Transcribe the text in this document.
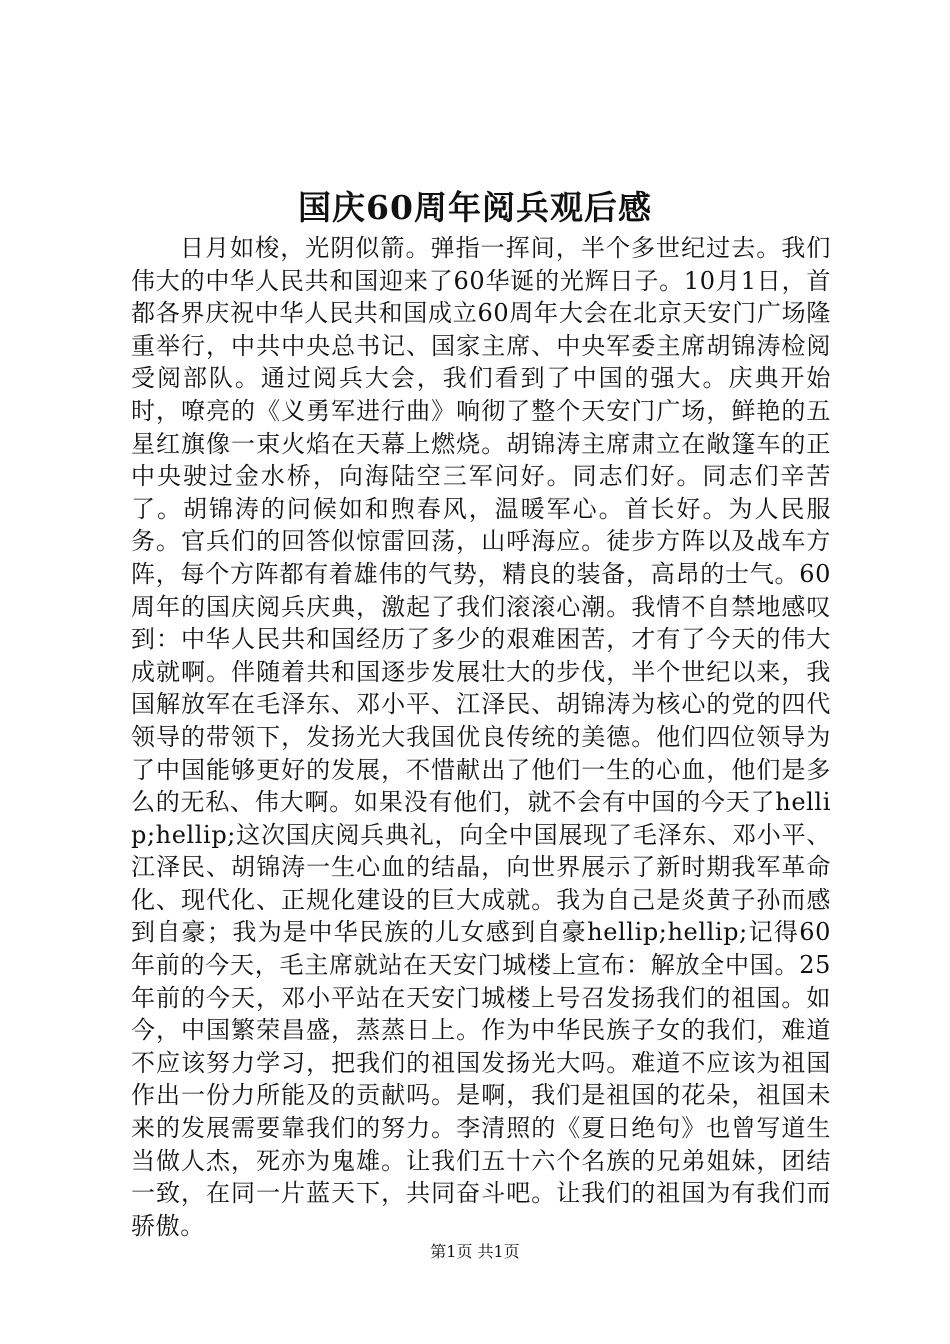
国庆60周年阅兵观后感

日月如梭，光阴似箭。弹指一挥间，半个多世纪过去。我们伟大的中华人民共和国迎来了60华诞的光辉日子。10月1日，首都各界庆祝中华人民共和国成立60周年大会在北京天安门广场隆重举行，中共中央总书记、国家主席、中央军委主席胡锦涛检阅受阅部队。通过阅兵大会，我们看到了中国的强大。庆典开始时，嘹亮的《义勇军进行曲》响彻了整个天安门广场，鲜艳的五星红旗像一束火焰在天幕上燃烧。胡锦涛主席肃立在敞篷车的正中央驶过金水桥，向海陆空三军问好。同志们好。同志们辛苦了。胡锦涛的问候如和煦春风，温暖军心。首长好。为人民服务。官兵们的回答似惊雷回荡，山呼海应。徒步方阵以及战车方阵，每个方阵都有着雄伟的气势，精良的装备，高昂的士气。60周年的国庆阅兵庆典，激起了我们滚滚心潮。我情不自禁地感叹到：中华人民共和国经历了多少的艰难困苦，才有了今天的伟大成就啊。伴随着共和国逐步发展壮大的步伐，半个世纪以来，我国解放军在毛泽东、邓小平、江泽民、胡锦涛为核心的党的四代领导的带领下，发扬光大我国优良传统的美德。他们四位领导为了中国能够更好的发展，不惜献出了他们一生的心血，他们是多么的无私、伟大啊。如果没有他们，就不会有中国的今天了hellip;hellip;这次国庆阅兵典礼，向全中国展现了毛泽东、邓小平、江泽民、胡锦涛一生心血的结晶，向世界展示了新时期我军革命化、现代化、正规化建设的巨大成就。我为自己是炎黄子孙而感到自豪；我为是中华民族的儿女感到自豪hellip;hellip;记得60年前的今天，毛主席就站在天安门城楼上宣布：解放全中国。25年前的今天，邓小平站在天安门城楼上号召发扬我们的祖国。如今，中国繁荣昌盛，蒸蒸日上。作为中华民族子女的我们，难道不应该努力学习，把我们的祖国发扬光大吗。难道不应该为祖国作出一份力所能及的贡献吗。是啊，我们是祖国的花朵，祖国未来的发展需要靠我们的努力。李清照的《夏日绝句》也曾写道生当做人杰，死亦为鬼雄。让我们五十六个名族的兄弟姐妹，团结一致，在同一片蓝天下，共同奋斗吧。让我们的祖国为有我们而骄傲。

第1页 共1页
